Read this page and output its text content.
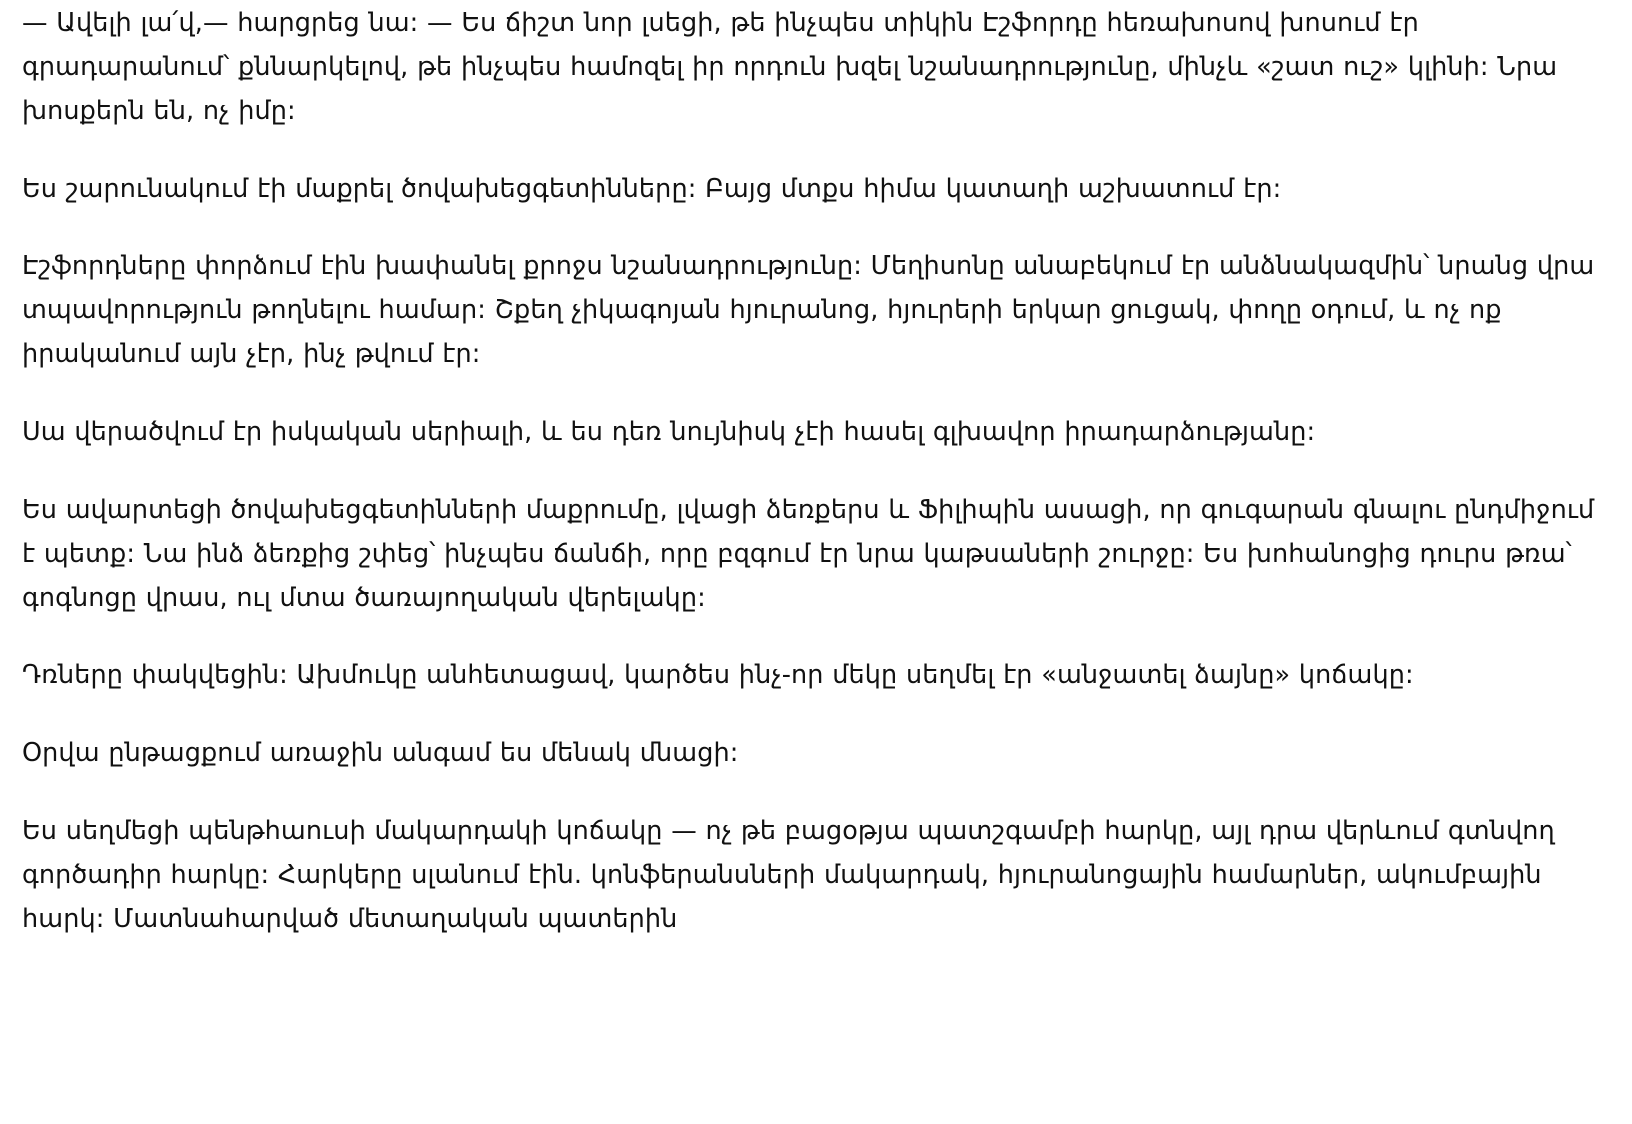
— Ավելի լա՛վ,— հարցրեց նա: — Ես ճիշտ նոր լսեցի, թե ինչպես տիկին Էշֆորդը հեռախոսով խոսում էր գրադարանում՝ քննարկելով, թե ինչպես համոզել իր որդուն խզել նշանադրությունը, մինչև «շատ ուշ» կլինի: Նրա խոսքերն են, ոչ իմը:

Ես շարունակում էի մաքրել ծովախեցգետինները: Բայց մտքս հիմա կատաղի աշխատում էր:

Էշֆորդները փորձում էին խափանել քրոջս նշանադրությունը: Մեղիսոնը անաբեկում էր անձնակազմին՝ նրանց վրա տպավորություն թողնելու համար: Շքեղ չիկագոյան հյուրանոց, հյուրերի երկար ցուցակ, փողը օդում, և ոչ ոք իրականում այն չէր, ինչ թվում էր:

Սա վերածվում էր իսկական սերիալի, և ես դեռ նույնիսկ չէի հասել գլխավոր իրադարձությանը:

Ես ավարտեցի ծովախեցգետինների մաքրումը, լվացի ձեռքերս և Ֆիլիպին ասացի, որ գուգարան գնալու ընդմիջում է պետք: Նա ինձ ձեռքից շփեց՝ ինչպես ճանճի, որը բզգում էր նրա կաթսաների շուրջը: Ես խոհանոցից դուրս թռա՝ գոգնոցը վրաս, ուլ մտա ծառայողական վերելակը:

Դռները փակվեցին: Ախմուկը անհետացավ, կարծես ինչ-որ մեկը սեղմել էր «անջատել ձայնը» կոճակը:

Օրվա ընթացքում առաջին անգամ ես մենակ մնացի:

Ես սեղմեցի պենթհաուսի մակարդակի կոճակը — ոչ թե բացօթյա պատշգամբի հարկը, այլ դրա վերևում գտնվող գործադիր հարկը: Հարկերը սլանում էին. կոնֆերանսների մակարդակ, հյուրանոցային համարներ, ակումբային հարկ: Մատնահարված մետաղական պատերին
